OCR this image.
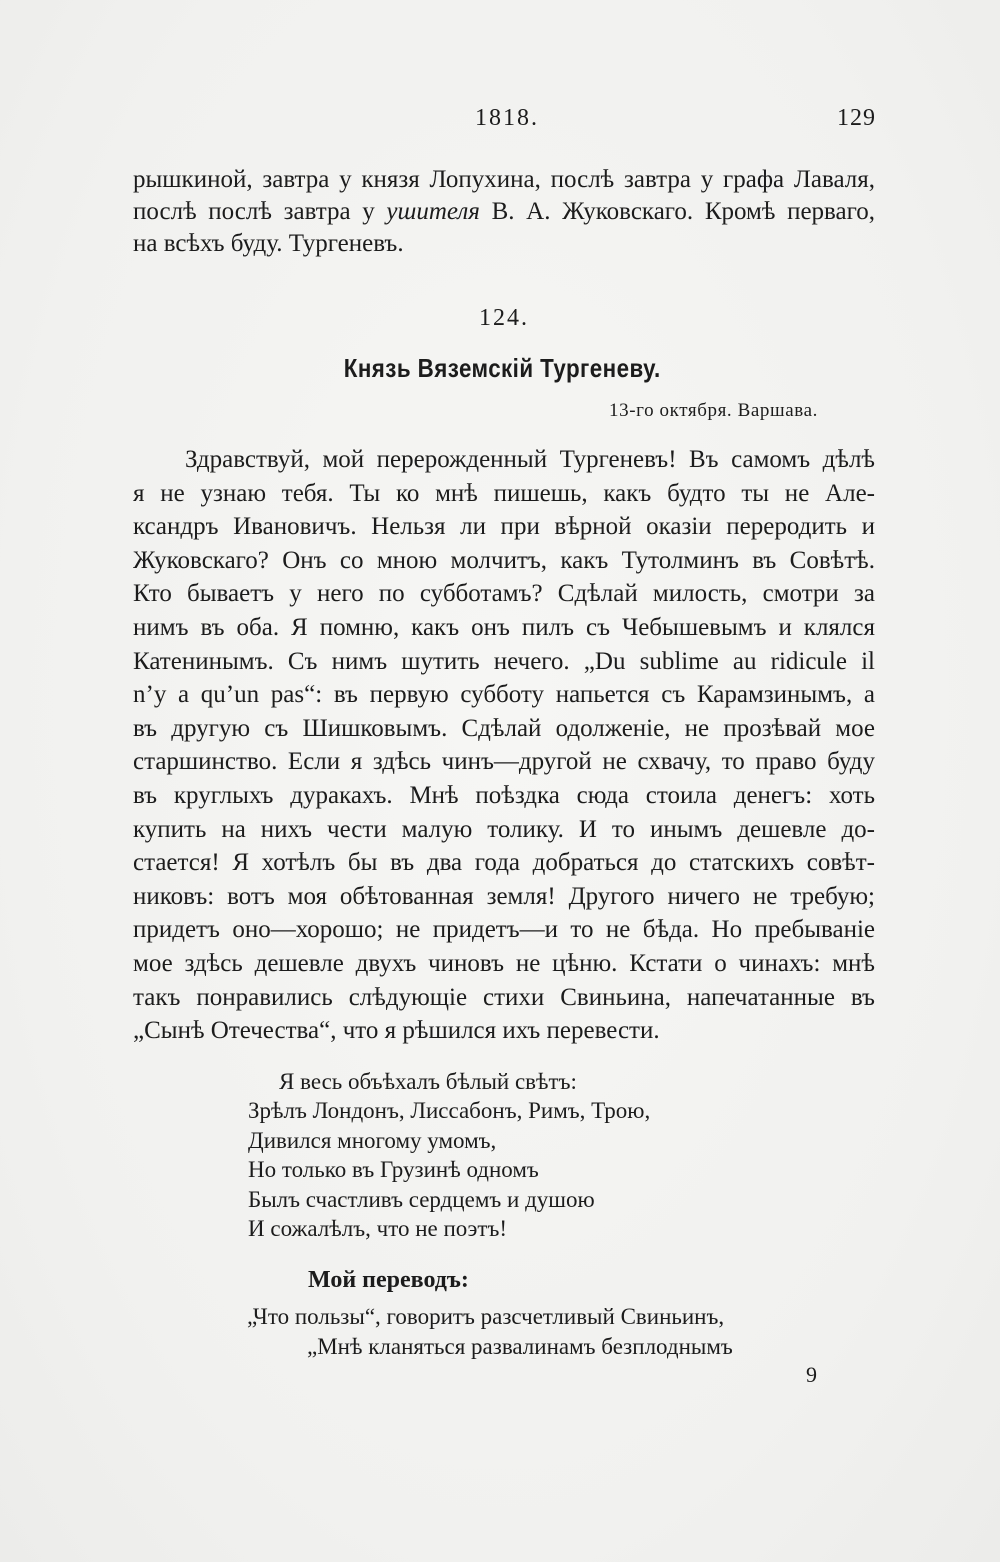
1818.	129
рышкиной, завтра у князя Лопухина, послѣ завтра у графа Лаваля,
послѣ послѣ завтра у ушителя В. А. Жуковскаго. Кромѣ перваго,
на всѣхъ буду. Тургеневъ.
124.
Князь Вяземскій Тургеневу.
13-го октября. Варшава.
Здравствуй, мой перерожденный Тургеневъ! Въ самомъ дѣлѣ
я не узнаю тебя. Ты ко мнѣ пишешь, какъ будто ты не Але-
ксандръ Ивановичъ. Нельзя ли при вѣрной оказіи переродить и
Жуковскаго? Онъ со мною молчитъ, какъ Тутолминъ въ Совѣтѣ.
Кто бываетъ у него по субботамъ? Сдѣлай милость, смотри за
нимъ въ оба. Я помню, какъ онъ пилъ съ Чебышевымъ и клялся
Катенинымъ. Съ нимъ шутить нечего. „Du sublime au ridicule il
n’y a qu’un pas“: въ первую субботу напьется съ Карамзинымъ, а
въ другую съ Шишковымъ. Сдѣлай одолженіе, не прозѣвай мое
старшинство. Если я здѣсь чинъ—другой не схвачу, то право буду
въ круглыхъ дуракахъ. Мнѣ поѣздка сюда стоила денегъ: хоть
купить на нихъ чести малую толику. И то инымъ дешевле до-
стается! Я хотѣлъ бы въ два года добраться до статскихъ совѣт-
никовъ: вотъ моя обѣтованная земля! Другого ничего не требую;
придетъ оно—хорошо; не придетъ—и то не бѣда. Но пребываніе
мое здѣсь дешевле двухъ чиновъ не цѣню. Кстати о чинахъ: мнѣ
такъ понравились слѣдующіе стихи Свиньина, напечатанные въ
„Сынѣ Отечества“, что я рѣшился ихъ перевести.
Я весь объѣхалъ бѣлый свѣтъ:
Зрѣлъ Лондонъ, Лиссабонъ, Римъ, Трою,
Дивился многому умомъ,
Но только въ Грузинѣ одномъ
Былъ счастливъ сердцемъ и душою
И сожалѣлъ, что не поэтъ!
Мой переводъ:
„Что пользы“, говоритъ разсчетливый Свиньинъ,
„Мнѣ кланяться развалинамъ безплоднымъ
9
